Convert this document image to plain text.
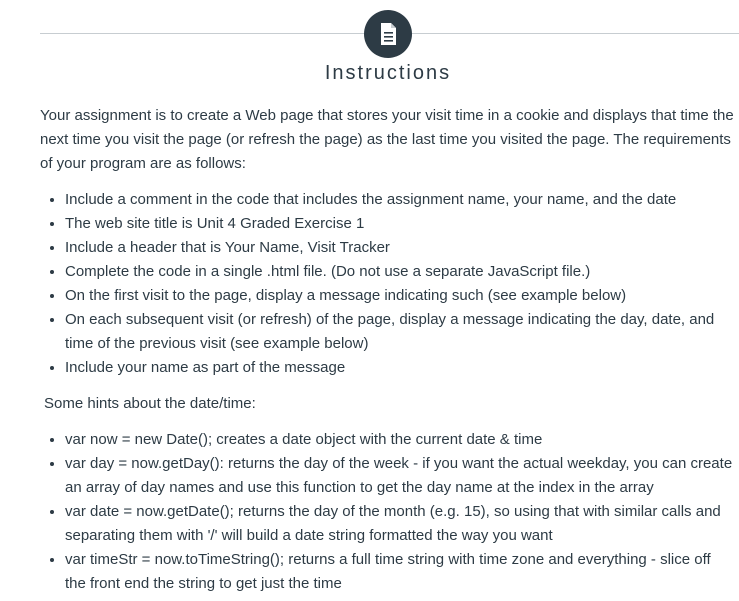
Instructions

Your assignment is to create a Web page that stores your visit time in a cookie and displays that time the next time you visit the page (or refresh the page) as the last time you visited the page. The requirements of your program are as follows:

• Include a comment in the code that includes the assignment name, your name, and the date
• The web site title is Unit 4 Graded Exercise 1
• Include a header that is Your Name, Visit Tracker
• Complete the code in a single .html file. (Do not use a separate JavaScript file.)
• On the first visit to the page, display a message indicating such (see example below)
• On each subsequent visit (or refresh) of the page, display a message indicating the day, date, and time of the previous visit (see example below)
• Include your name as part of the message

Some hints about the date/time:

• var now = new Date(); creates a date object with the current date & time
• var day = now.getDay(): returns the day of the week - if you want the actual weekday, you can create an array of day names and use this function to get the day name at the index in the array
• var date = now.getDate(); returns the day of the month (e.g. 15), so using that with similar calls and separating them with '/' will build a date string formatted the way you want
• var timeStr = now.toTimeString(); returns a full time string with time zone and everything - slice off the front end the string to get just the time
